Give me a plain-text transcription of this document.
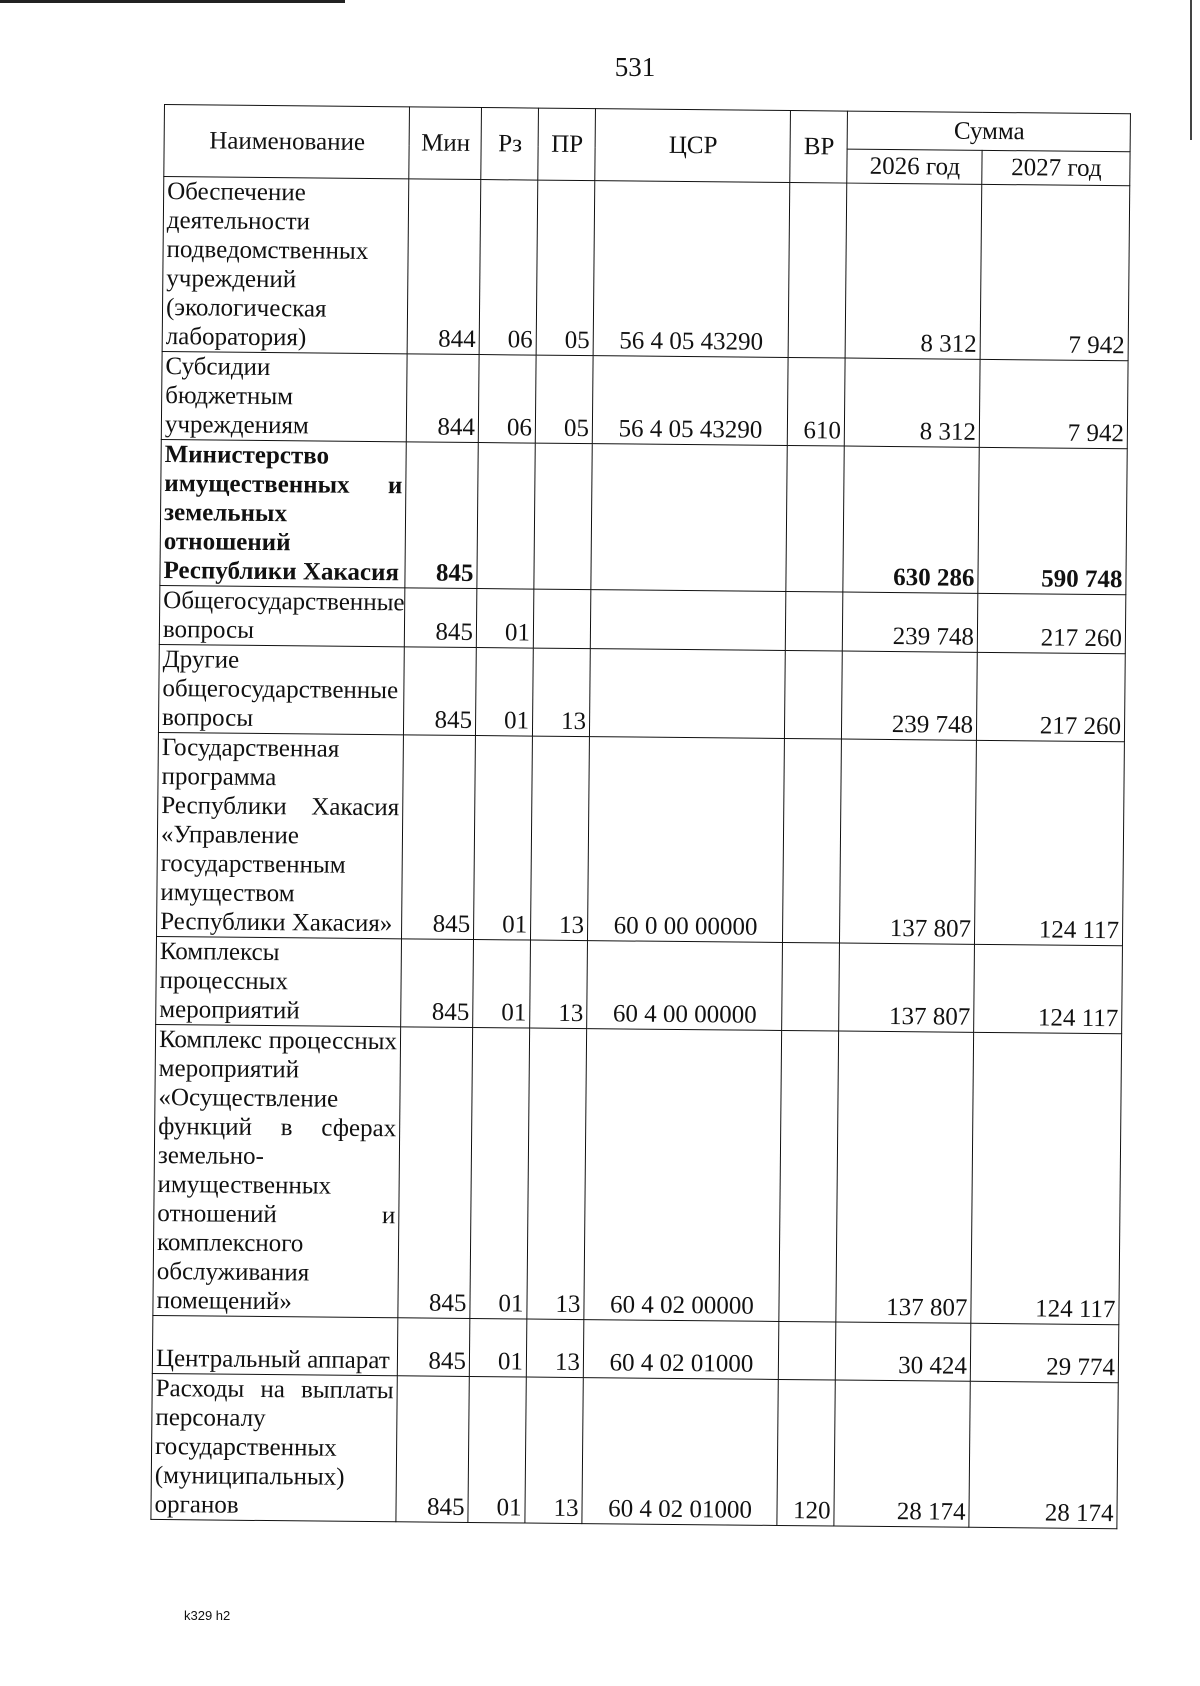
531
Наименование	Мин	Рз	ПР	ЦСР	ВР	Сумма	
						2026 год	2027 год
Обеспечение деятельности подведомственных учреждений (экологическая лаборатория)	844	06	05	56 4 05 43290		8 312	7 942
Субсидии бюджетным учреждениям	844	06	05	56 4 05 43290	610	8 312	7 942
Министерство имущественных и земельных отношений Республики Хакасия	845					630 286	590 748
Общегосударственные вопросы	845	01				239 748	217 260
Другие общегосударственные вопросы	845	01	13			239 748	217 260
Государственная программа Республики Хакасия «Управление государственным имуществом Республики Хакасия»	845	01	13	60 0 00 00000		137 807	124 117
Комплексы процессных мероприятий	845	01	13	60 4 00 00000		137 807	124 117
Комплекс процессных мероприятий «Осуществление функций в сферах земельно-имущественных отношений и комплексного обслуживания помещений»	845	01	13	60 4 02 00000		137 807	124 117
Центральный аппарат	845	01	13	60 4 02 01000		30 424	29 774
Расходы на выплаты персоналу государственных (муниципальных) органов	845	01	13	60 4 02 01000	120	28 174	28 174
k329 h2
